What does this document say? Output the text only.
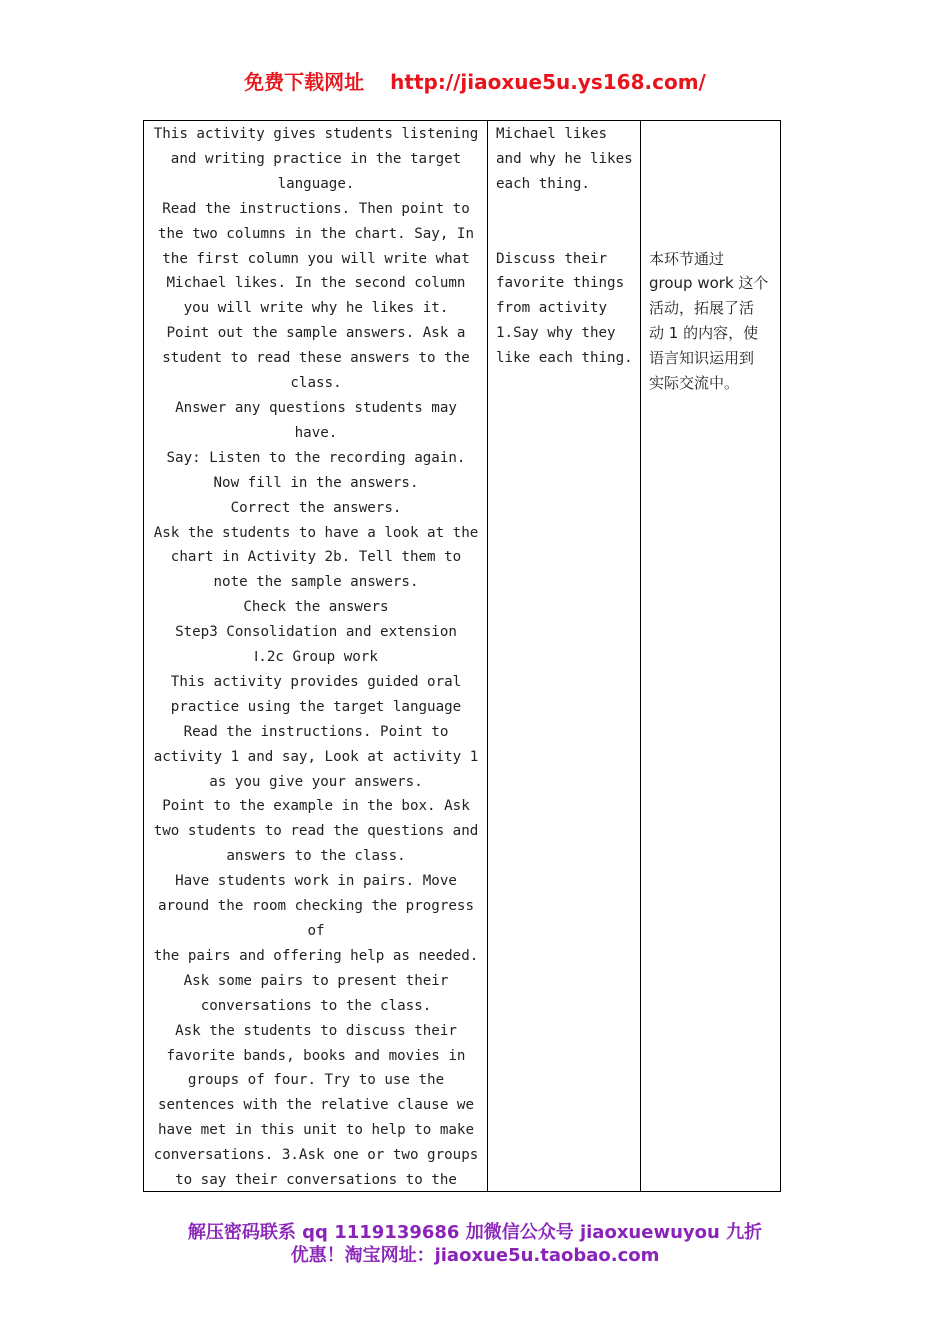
免费下载网址 http://jiaoxue5u.ys168.com/
This activity gives students listening
and writing practice in the target
language.
Read the instructions. Then point to
the two columns in the chart. Say, In
the first column you will write what
Michael likes. In the second column
you will write why he likes it.
Point out the sample answers. Ask a
student to read these answers to the
class.
Answer any questions students may
have.
Say: Listen to the recording again.
Now fill in the answers.
Correct the answers.
Ask the students to have a look at the
chart in Activity 2b. Tell them to
note the sample answers.
Check the answers
Step3 Consolidation and extension
Ⅰ.2c Group work
This activity provides guided oral
practice using the target language
Read the instructions. Point to
activity 1 and say, Look at activity 1
as you give your answers.
Point to the example in the box. Ask
two students to read the questions and
answers to the class.
Have students work in pairs. Move
around the room checking the progress
of
the pairs and offering help as needed.
Ask some pairs to present their
conversations to the class.
Ask the students to discuss their
favorite bands, books and movies in
groups of four. Try to use the
sentences with the relative clause we
have met in this unit to help to make
conversations. 3.Ask one or two groups
to say their conversations to the
Michael likes
and why he likes
each thing.
Discuss their
favorite things
from activity
1.Say why they
like each thing.
本环节通过
group work 这个
活动，拓展了活
动 1 的内容，使
语言知识运用到
实际交流中。
解压密码联系 qq 1119139686 加微信公众号 jiaoxuewuyou 九折
优惠！淘宝网址：jiaoxue5u.taobao.com
